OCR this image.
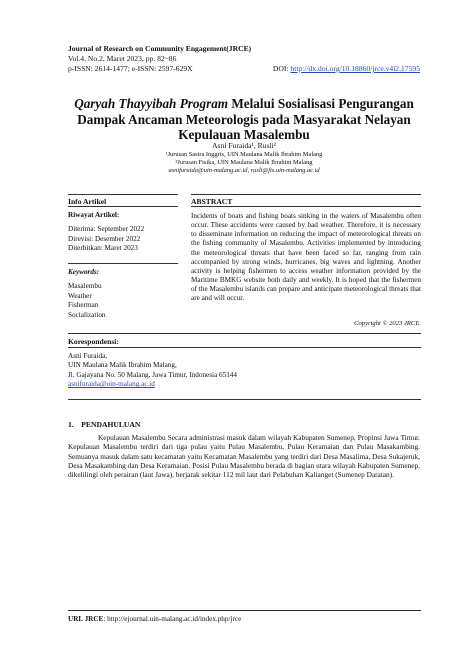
Journal of Research on Community Engagement(JRCE)
Vol.4, No.2, Maret 2023, pp. 82~86
p-ISSN: 2614-1477; e-ISSN: 2597-629X	DOI: http://dx.doi.org/10.18860/jrce.v4i2.17595
Qaryah Thayyibah Program Melalui Sosialisasi Pengurangan Dampak Ancaman Meteorologis pada Masyarakat Nelayan Kepulauan Masalembu
Asni Furaida¹, Rusli²
¹Jurusan Sastra Inggris, UIN Maulana Malik Ibrahim Malang
²Jurusan Fisika, UIN Maulana Malik Ibrahim Malang
asnifuraida@uin-malang.ac.id, rusli@fis.uin-malang.ac.id
Info Artikel	ABSTRACT
Riwayat Artikel:
Diterima: September 2022
Direvisi: Desember 2022
Diterbitkan: Maret 2023
Keywords:
Masalembu
Weather
Fisherman
Socialization
Incidents of boats and fishing boats sinking in the waters of Masalembu often occur. These accidents were caused by bad weather. Therefore, it is necessary to disseminate information on reducing the impact of meteorological threats on the fishing community of Masalembu. Activities implemented by introducing the meteorological threats that have been faced so far, ranging from rain accompanied by strong winds, hurricanes, big waves and lightning. Another activity is helping fishermen to access weather information provided by the Maritime BMKG website both daily and weekly. It is hoped that the fishermen of the Masalembu islands can prepare and anticipate meteorological threats that are and will occur.
Copyright © 2023 JRCE.
Korespondensi:
Asni Furaida,
UIN Maulana Malik Ibrahim Malang,
Jl. Gajayana No. 50 Malang, Jawa Timur, Indonesia 65144
asnifuraida@uin-malang.ac.id
1.    PENDAHULUAN
Kepulauan Masalembu Secara administrasi masuk dalam wilayah Kabupaten Sumenep, Propinsi Jawa Timur. Kepulauan Masalembu terdiri dari tiga pulau yaitu Pulau Masalembu, Pulau Keramaian dan Pulau Masakambing. Semuanya masuk dalam satu kecamatan yaitu Kecamatan Masalembu yang terdiri dari Desa Masalima, Desa Sukajeruk, Desa Masakambing dan Desa Keramaian. Posisi Pulau Masalembu berada di bagian utara wilayah Kabupaten Sumenep, dikelilingi oleh perairan (laut Jawa), berjarak sekitar 112 mil laut dari Pelabuhan Kalianget (Sumenep Daratan).
URL JRCE: http://ejournal.uin-malang.ac.id/index.php/jrce
